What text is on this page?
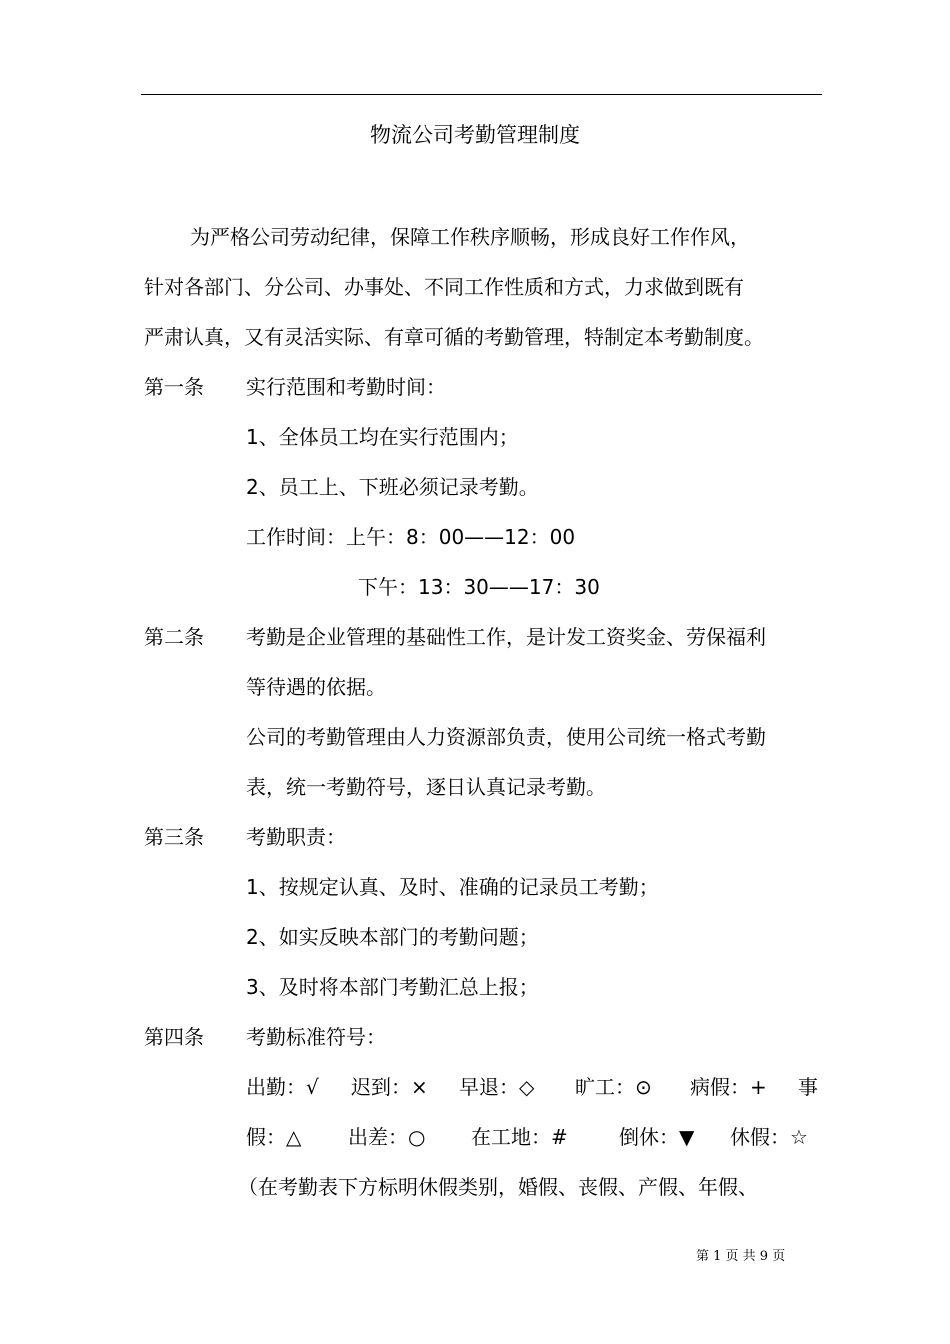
物流公司考勤管理制度
为严格公司劳动纪律，保障工作秩序顺畅，形成良好工作作风，
针对各部门、分公司、办事处、不同工作性质和方式，力求做到既有
严肃认真，又有灵活实际、有章可循的考勤管理，特制定本考勤制度。
第一条 实行范围和考勤时间：
1、全体员工均在实行范围内；
2、员工上、下班必须记录考勤。
工作时间：上午：8：00——12：00
下午：13：30——17：30
第二条 考勤是企业管理的基础性工作，是计发工资奖金、劳保福利
等待遇的依据。
公司的考勤管理由人力资源部负责，使用公司统一格式考勤
表，统一考勤符号，逐日认真记录考勤。
第三条 考勤职责：
1、按规定认真、及时、准确的记录员工考勤；
2、如实反映本部门的考勤问题；
3、及时将本部门考勤汇总上报；
第四条 考勤标准符号：
出勤：√ 迟到：× 早退：◇ 旷工：⊙ 病假：+ 事
假：△ 出差：○ 在工地：#	倒休：▼ 休假：☆
（在考勤表下方标明休假类别，婚假、丧假、产假、年假、
第 1 页 共 9 页
